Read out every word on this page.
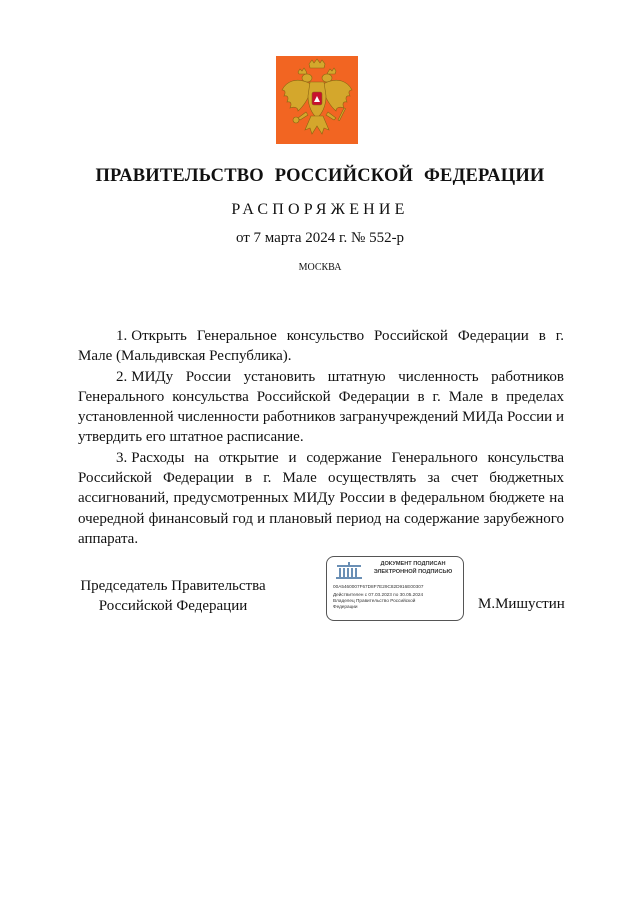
ПРАВИТЕЛЬСТВО РОССИЙСКОЙ ФЕДЕРАЦИИ
РАСПОРЯЖЕНИЕ
от 7 марта 2024 г. № 552-р
МОСКВА

1. Открыть Генеральное консульство Российской Федерации в г. Мале (Мальдивская Республика).

2. МИДу России установить штатную численность работников Генерального консульства Российской Федерации в г. Мале в пределах установленной численности работников загранучреждений МИДа России и утвердить его штатное расписание.

3. Расходы на открытие и содержание Генерального консульства Российской Федерации в г. Мале осуществлять за счет бюджетных ассигнований, предусмотренных МИДу России в федеральном бюджете на очередной финансовый год и плановый период на содержание зарубежного аппарата.

Председатель Правительства
Российской Федерации
ДОКУМЕНТ ПОДПИСАН
ЭЛЕКТРОННОЙ ПОДПИСЬЮ
00A5460007F67D8F7E29C82D916E00307
Действителен с 07.03.2023 по 30.05.2024
Владелец Правительство Российской
Федерации	М.Мишустин
